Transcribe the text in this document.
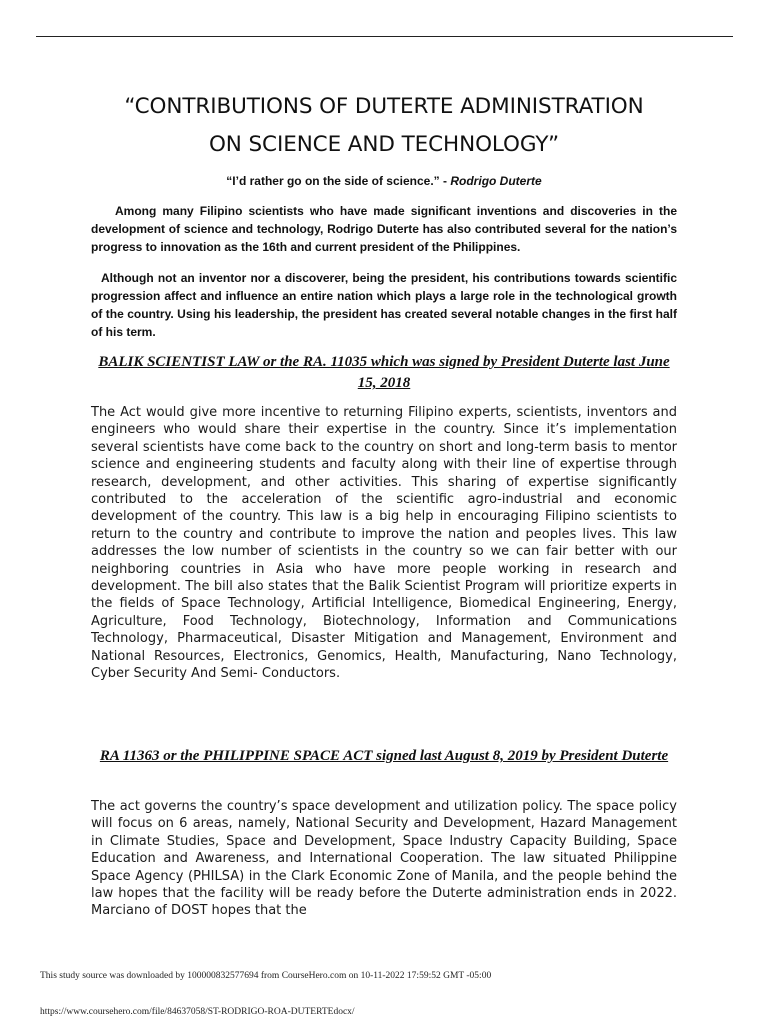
“CONTRIBUTIONS OF DUTERTE ADMINISTRATION
ON SCIENCE AND TECHNOLOGY”

“I’d rather go on the side of science.” - Rodrigo Duterte

Among many Filipino scientists who have made significant inventions and discoveries in the development of science and technology, Rodrigo Duterte has also contributed several for the nation’s progress to innovation as the 16th and current president of the Philippines.

Although not an inventor nor a discoverer, being the president, his contributions towards scientific progression affect and influence an entire nation which plays a large role in the technological growth of the country. Using his leadership, the president has created several notable changes in the first half of his term.

BALIK SCIENTIST LAW or the RA. 11035 which was signed by President Duterte last June 15, 2018

The Act would give more incentive to returning Filipino experts, scientists, inventors and engineers who would share their expertise in the country. Since it’s implementation several scientists have come back to the country on short and long-term basis to mentor science and engineering students and faculty along with their line of expertise through research, development, and other activities. This sharing of expertise significantly contributed to the acceleration of the scientific agro-industrial and economic development of the country. This law is a big help in encouraging Filipino scientists to return to the country and contribute to improve the nation and peoples lives. This law addresses the low number of scientists in the country so we can fair better with our neighboring countries in Asia who have more people working in research and development. The bill also states that the Balik Scientist Program will prioritize experts in the fields of Space Technology, Artificial Intelligence, Biomedical Engineering, Energy, Agriculture, Food Technology, Biotechnology, Information and Communications Technology, Pharmaceutical, Disaster Mitigation and Management, Environment and National Resources, Electronics, Genomics, Health, Manufacturing, Nano Technology, Cyber Security And Semi- Conductors.

RA 11363 or the PHILIPPINE SPACE ACT signed last August 8, 2019 by President Duterte

The act governs the country’s space development and utilization policy. The space policy will focus on 6 areas, namely, National Security and Development, Hazard Management in Climate Studies, Space and Development, Space Industry Capacity Building, Space Education and Awareness, and International Cooperation. The law situated Philippine Space Agency (PHILSA) in the Clark Economic Zone of Manila, and the people behind the law hopes that the facility will be ready before the Duterte administration ends in 2022. Marciano of DOST hopes that the

This study source was downloaded by 100000832577694 from CourseHero.com on 10-11-2022 17:59:52 GMT -05:00

https://www.coursehero.com/file/84637058/ST-RODRIGO-ROA-DUTERTEdocx/
